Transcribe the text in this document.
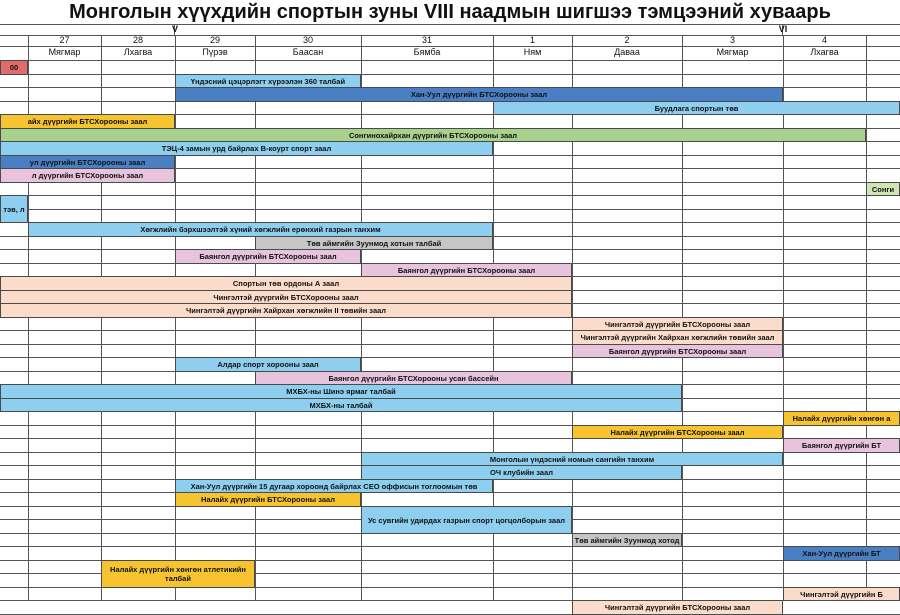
Монголын хүүхдийн спортын зуны VIII наадмын шигшээ тэмцээний хуваарь
V	VI
27
Мягмар
28
Лхагва
29
Пүрэв
30
Баасан
31
Бямба
1
Ням
2
Даваа
3
Мягмар
4
Лхагва
00
Үндэсний цэцэрлэгт хүрээлэн 360 талбай
Хан-Уул дүүргийн БТСХорооны заал
Буудлага спортын төв
айх дүүргийн БТСХорооны заал
Сонгинохайрхан дүүргийн БТСХорооны заал
ТЭЦ-4 замын урд байрлах В-коурт спорт заал
ул дүүргийн БТСХорооны заал
л дүүргийн БТСХорооны заал
Сонги
тэв, л
Хөгжлийн бэрхшээлтэй хүний хөгжлийн ерөнхий газрын танхим
Төв аймгийн Зуунмод хотын талбай
Баянгол дүүргийн БТСХорооны заал
Баянгол дүүргийн БТСХорооны заал
Спортын төв ордоны А заал
Чингэлтэй дүүргийн БТСХорооны заал
Чингэлтэй дүүргийн Хайрхан хөгжлийн II төвийн заал
Чингэлтэй дүүргийн БТСХорооны заал
Чингэлтэй дүүргийн Хайрхан хөгжлийн төвийн заал
Баянгол дүүргийн БТСХорооны заал
Алдар спорт хорооны заал
Баянгол дүүргийн БТСХорооны усан бассейн
МХБХ-ны Шинэ ярмаг талбай
МХБХ-ны талбай
Налайх дүүргийн хөнгөн а
Налайх дүүргийн БТСХорооны заал
Баянгол дүүргийн БТ
Монголын үндэсний номын сангийн танхим
ОЧ клубийн заал
Хан-Уул дүүргийн 15 дугаар хороонд байрлах CEO оффисын тоглоомын төв
Налайх дүүргийн БТСХорооны заал
Ус сувгийн удирдах газрын спорт цогцолборын заал
Төв аймгийн Зуунмод хотод
Хан-Уул дүүргийн БТ
Налайх дүүргийн хөнгөн атлетикийн талбай
Чингэлтэй дүүргийн Б
Чингэлтэй дүүргийн БТСХорооны заал
